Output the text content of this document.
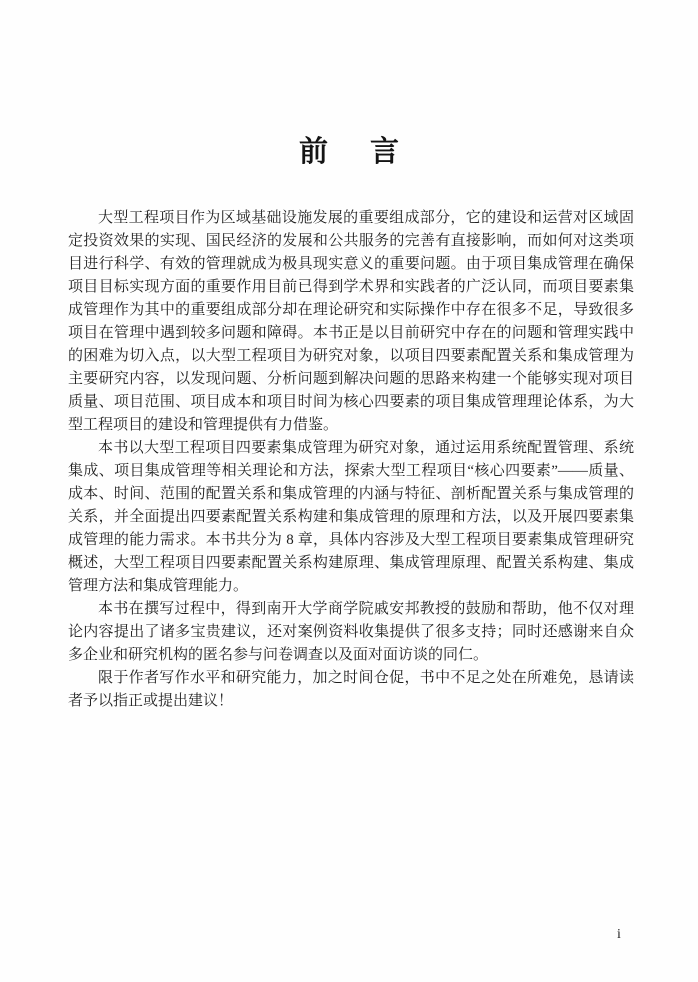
前 言

大型工程项目作为区域基础设施发展的重要组成部分，它的建设和运营对区域固定投资效果的实现、国民经济的发展和公共服务的完善有直接影响，而如何对这类项目进行科学、有效的管理就成为极具现实意义的重要问题。由于项目集成管理在确保项目目标实现方面的重要作用目前已得到学术界和实践者的广泛认同，而项目要素集成管理作为其中的重要组成部分却在理论研究和实际操作中存在很多不足，导致很多项目在管理中遇到较多问题和障碍。本书正是以目前研究中存在的问题和管理实践中的困难为切入点，以大型工程项目为研究对象，以项目四要素配置关系和集成管理为主要研究内容，以发现问题、分析问题到解决问题的思路来构建一个能够实现对项目质量、项目范围、项目成本和项目时间为核心四要素的项目集成管理理论体系，为大型工程项目的建设和管理提供有力借鉴。

本书以大型工程项目四要素集成管理为研究对象，通过运用系统配置管理、系统集成、项目集成管理等相关理论和方法，探索大型工程项目“核心四要素”——质量、成本、时间、范围的配置关系和集成管理的内涵与特征、剖析配置关系与集成管理的关系，并全面提出四要素配置关系构建和集成管理的原理和方法，以及开展四要素集成管理的能力需求。本书共分为 8 章，具体内容涉及大型工程项目要素集成管理研究概述，大型工程项目四要素配置关系构建原理、集成管理原理、配置关系构建、集成管理方法和集成管理能力。

本书在撰写过程中，得到南开大学商学院戚安邦教授的鼓励和帮助，他不仅对理论内容提出了诸多宝贵建议，还对案例资料收集提供了很多支持；同时还感谢来自众多企业和研究机构的匿名参与问卷调查以及面对面访谈的同仁。

限于作者写作水平和研究能力，加之时间仓促，书中不足之处在所难免，恳请读者予以指正或提出建议！

i
